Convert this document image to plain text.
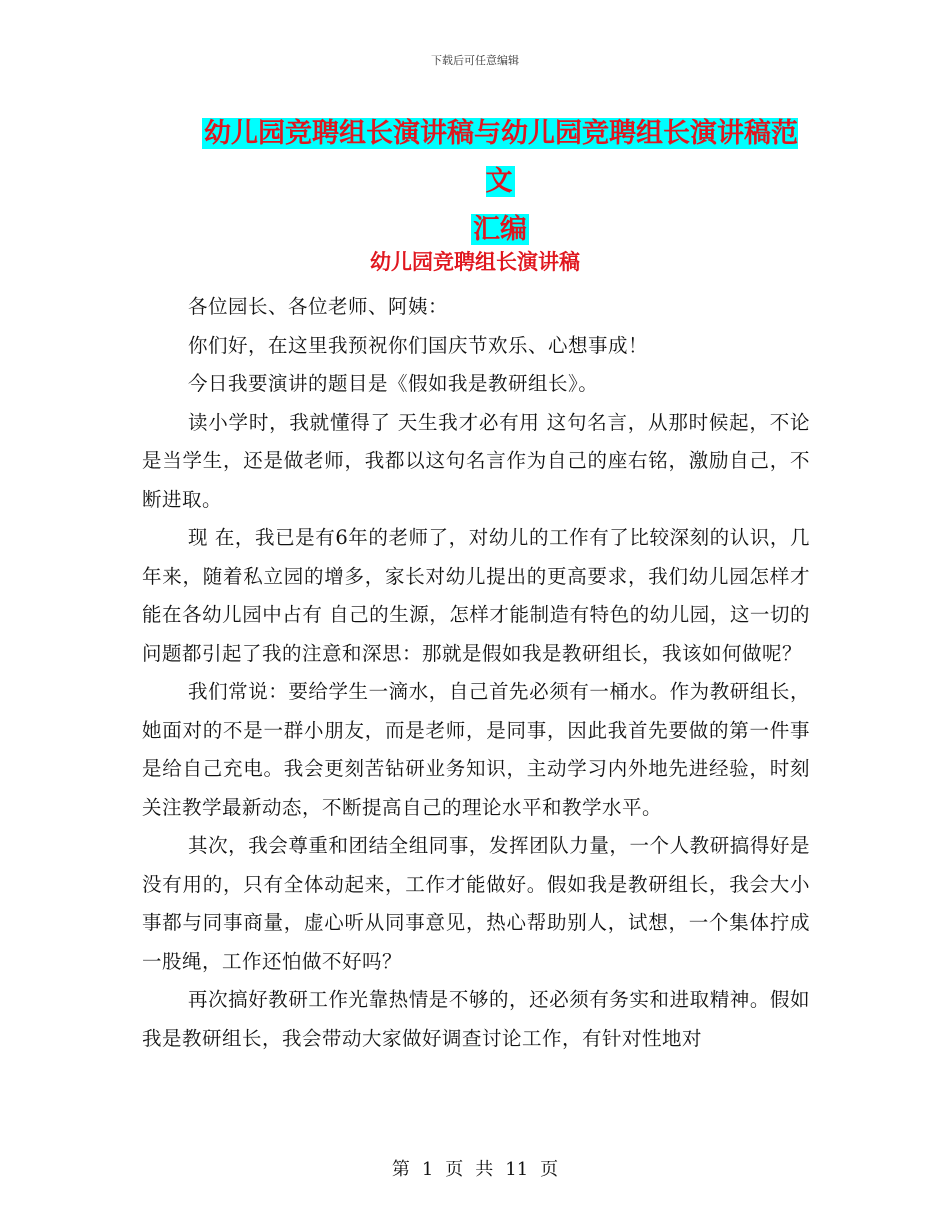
下载后可任意编辑
幼儿园竞聘组长演讲稿与幼儿园竞聘组长演讲稿范文
汇编
幼儿园竞聘组长演讲稿

各位园长、各位老师、阿姨：

你们好，在这里我预祝你们国庆节欢乐、心想事成！

今日我要演讲的题目是《假如我是教研组长》。

读小学时，我就懂得了 天生我才必有用 这句名言，从那时候起，不论是当学生，还是做老师，我都以这句名言作为自己的座右铭，激励自己，不断进取。

现 在，我已是有6年的老师了，对幼儿的工作有了比较深刻的认识，几年来，随着私立园的增多，家长对幼儿提出的更高要求，我们幼儿园怎样才能在各幼儿园中占有 自己的生源，怎样才能制造有特色的幼儿园，这一切的问题都引起了我的注意和深思：那就是假如我是教研组长，我该如何做呢？

我们常说：要给学生一滴水，自己首先必须有一桶水。作为教研组长，她面对的不是一群小朋友，而是老师，是同事，因此我首先要做的第一件事是给自己充电。我会更刻苦钻研业务知识，主动学习内外地先进经验，时刻关注教学最新动态，不断提高自己的理论水平和教学水平。

其次，我会尊重和团结全组同事，发挥团队力量，一个人教研搞得好是没有用的，只有全体动起来，工作才能做好。假如我是教研组长，我会大小事都与同事商量，虚心听从同事意见，热心帮助别人，试想，一个集体拧成一股绳，工作还怕做不好吗？

再次搞好教研工作光靠热情是不够的，还必须有务实和进取精神。假如我是教研组长，我会带动大家做好调查讨论工作，有针对性地对

第 1 页 共 11 页
